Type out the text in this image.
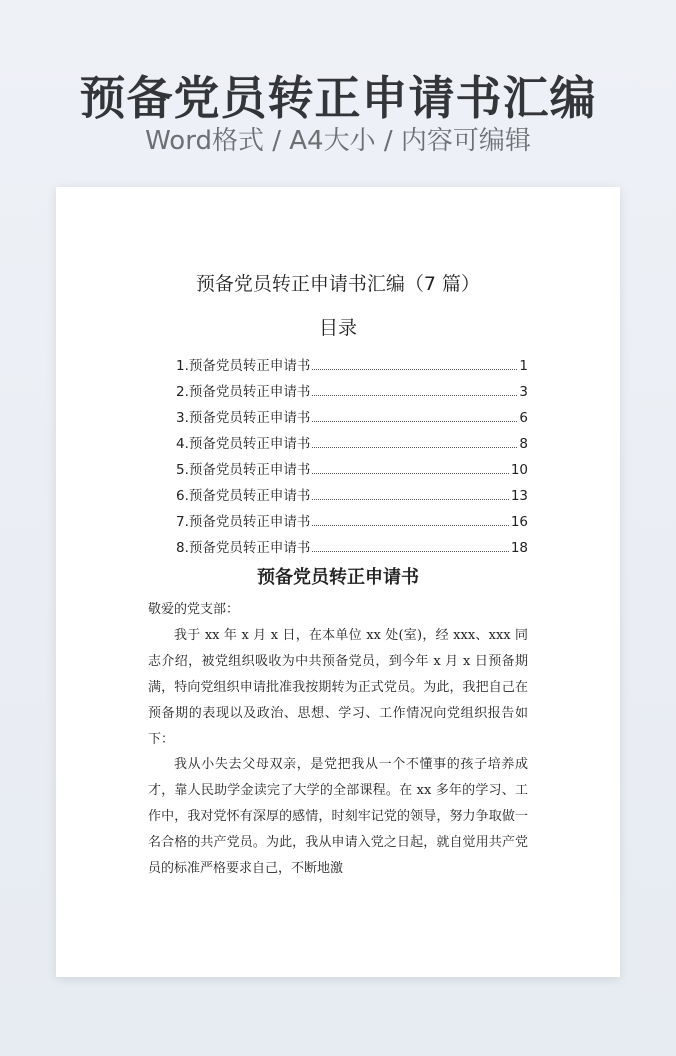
预备党员转正申请书汇编
Word格式 / A4大小 / 内容可编辑
预备党员转正申请书汇编（7 篇）
目录
1.预备党员转正申请书	1
2.预备党员转正申请书	3
3.预备党员转正申请书	6
4.预备党员转正申请书	8
5.预备党员转正申请书	10
6.预备党员转正申请书	13
7.预备党员转正申请书	16
8.预备党员转正申请书	18
预备党员转正申请书

敬爱的党支部：

我于 xx 年 x 月 x 日，在本单位 xx 处(室)，经 xxx、xxx 同志介绍，被党组织吸收为中共预备党员，到今年 x 月 x 日预备期满，特向党组织申请批准我按期转为正式党员。为此，我把自己在预备期的表现以及政治、思想、学习、工作情况向党组织报告如下：

我从小失去父母双亲，是党把我从一个不懂事的孩子培养成才，靠人民助学金读完了大学的全部课程。在 xx 多年的学习、工作中，我对党怀有深厚的感情，时刻牢记党的领导，努力争取做一名合格的共产党员。为此，我从申请入党之日起，就自觉用共产党员的标准严格要求自己，不断地激
